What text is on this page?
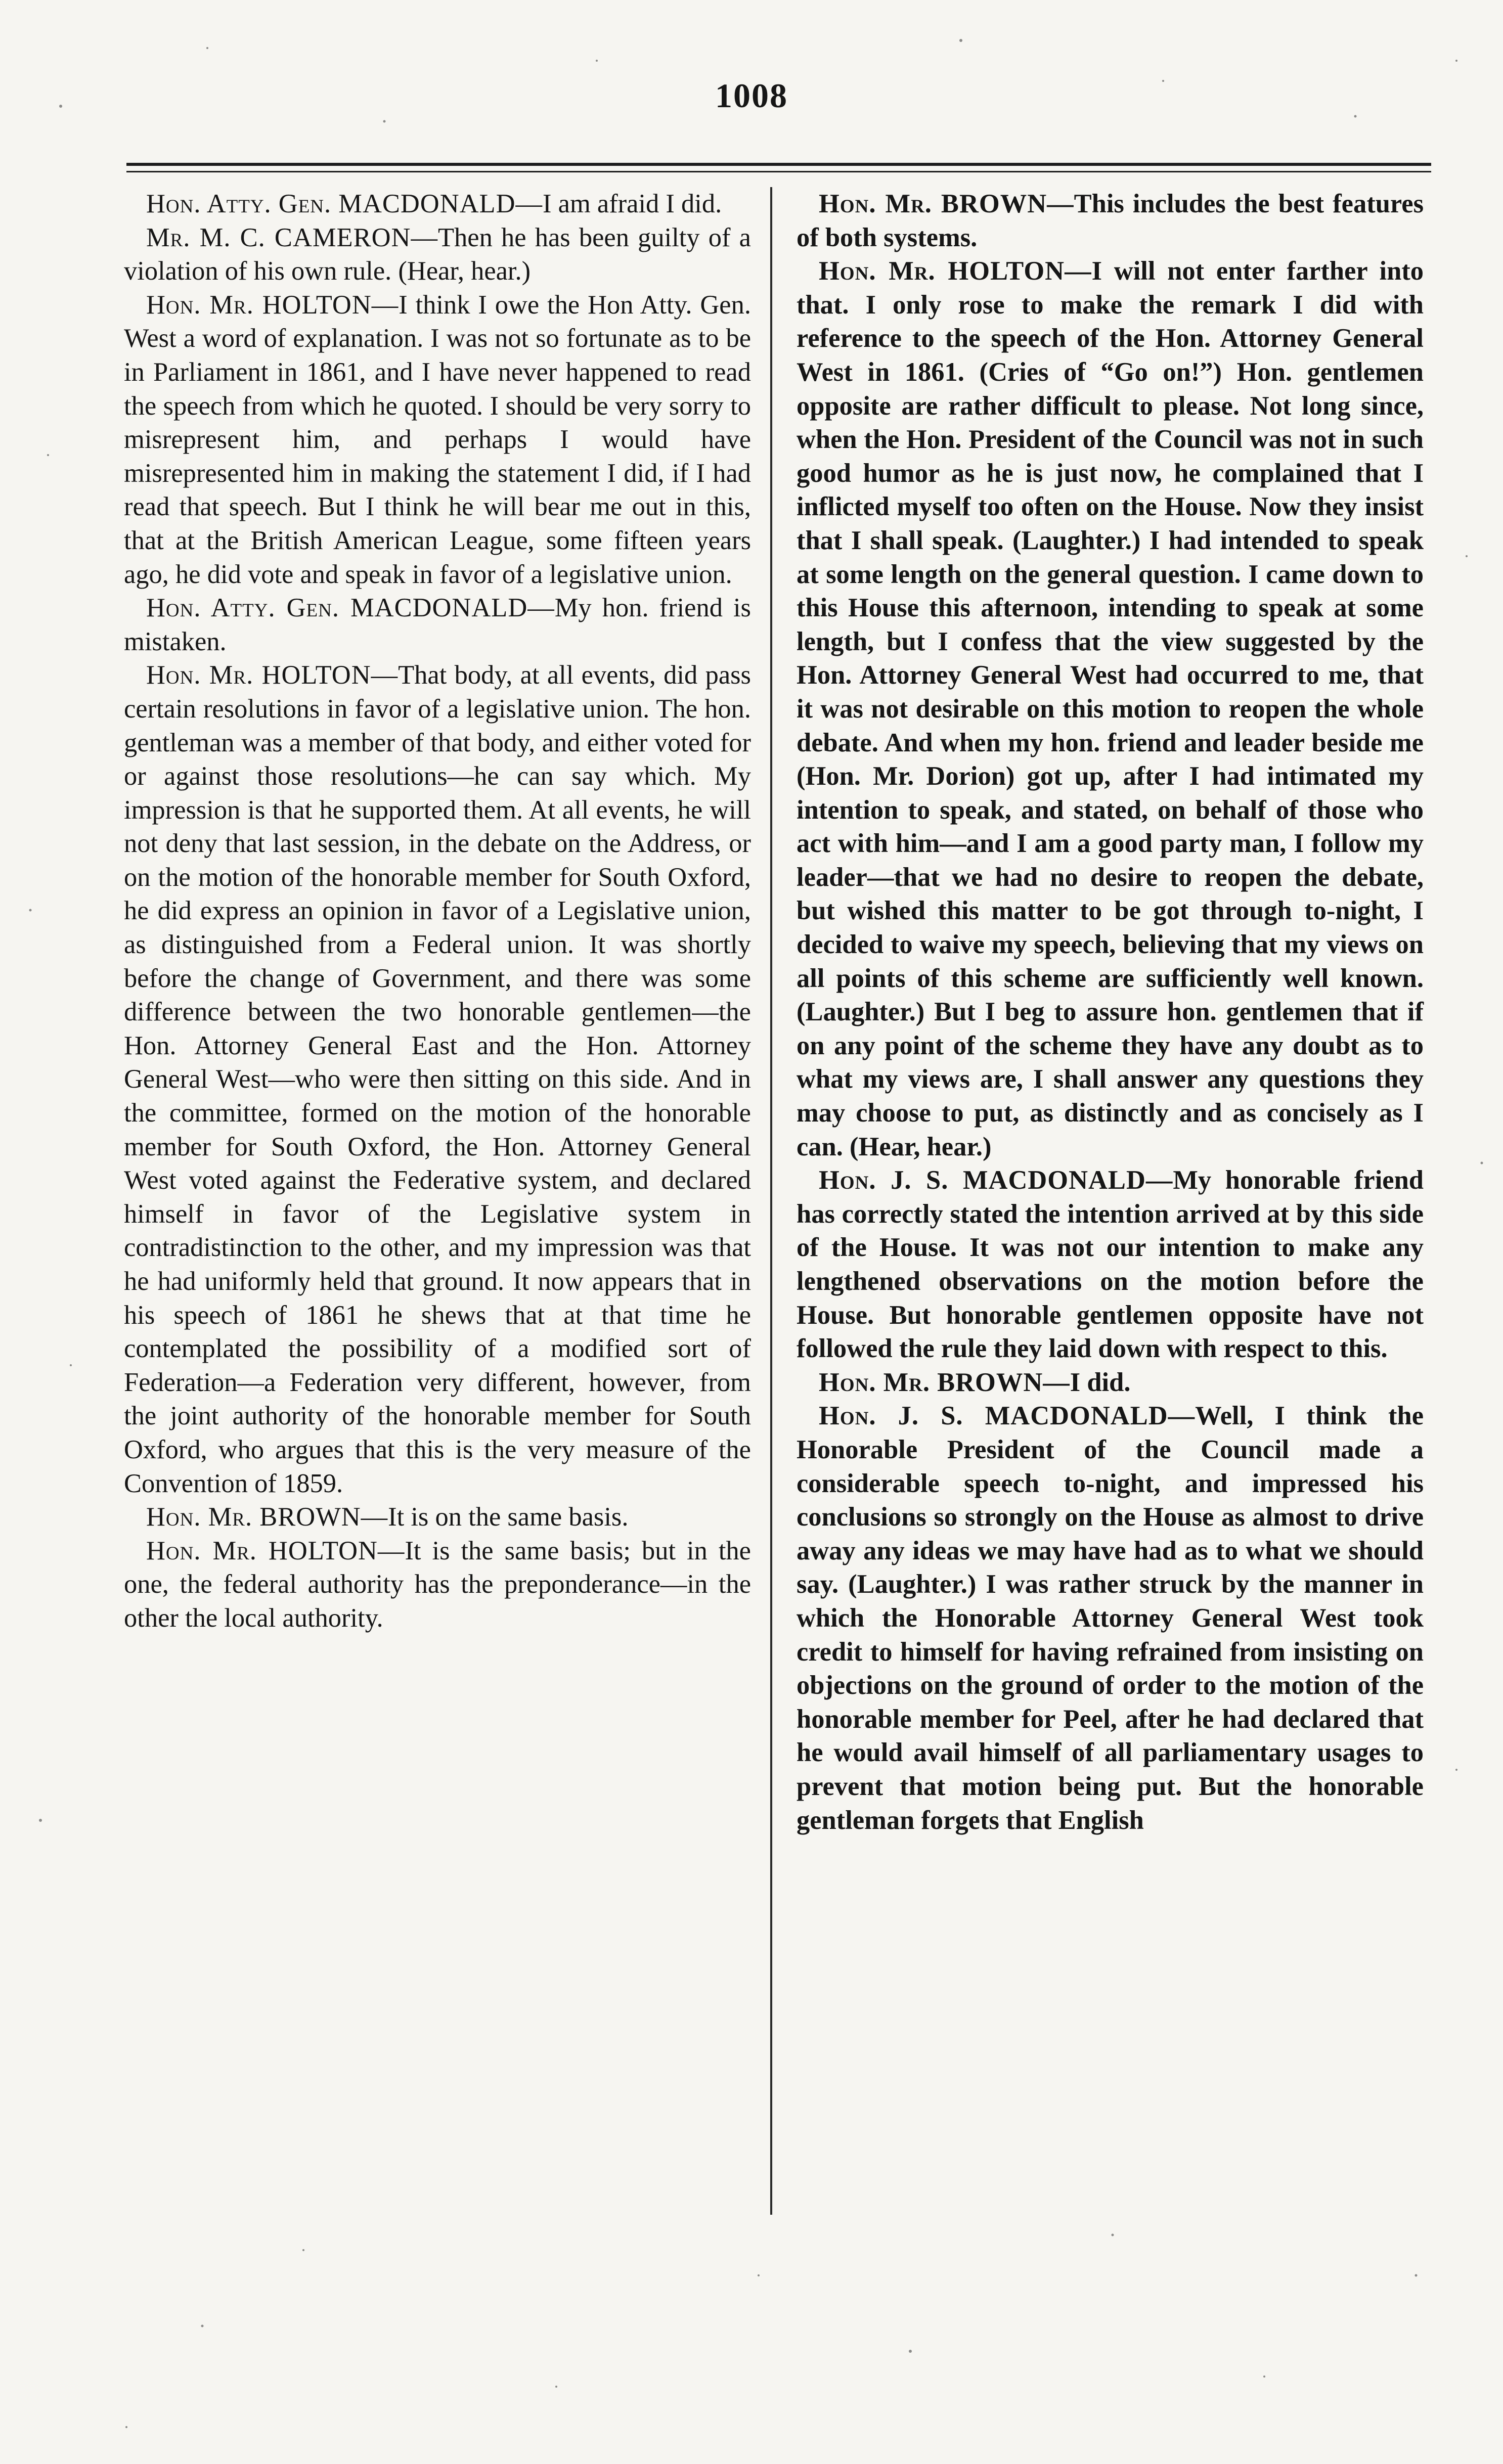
1008

Hon. Atty. Gen. MACDONALD—I am afraid I did.

Mr. M. C. CAMERON—Then he has been guilty of a violation of his own rule. (Hear, hear.)

Hon. Mr. HOLTON—I think I owe the Hon Atty. Gen. West a word of explanation. I was not so fortunate as to be in Parliament in 1861, and I have never happened to read the speech from which he quoted. I should be very sorry to misrepresent him, and perhaps I would have misrepresented him in making the statement I did, if I had read that speech. But I think he will bear me out in this, that at the British American League, some fifteen years ago, he did vote and speak in favor of a legislative union.

Hon. Atty. Gen. MACDONALD—My hon. friend is mistaken.

Hon. Mr. HOLTON—That body, at all events, did pass certain resolutions in favor of a legislative union. The hon. gentleman was a member of that body, and either voted for or against those resolutions—he can say which. My impression is that he supported them. At all events, he will not deny that last session, in the debate on the Address, or on the motion of the honorable member for South Oxford, he did express an opinion in favor of a Legislative union, as distinguished from a Federal union. It was shortly before the change of Government, and there was some difference between the two honorable gentlemen—the Hon. Attorney General East and the Hon. Attorney General West—who were then sitting on this side. And in the committee, formed on the motion of the honorable member for South Oxford, the Hon. Attorney General West voted against the Federative system, and declared himself in favor of the Legislative system in contradistinction to the other, and my impression was that he had uniformly held that ground. It now appears that in his speech of 1861 he shews that at that time he contemplated the possibility of a modified sort of Federation—a Federation very different, however, from the joint authority of the honorable member for South Oxford, who argues that this is the very measure of the Convention of 1859.

Hon. Mr. BROWN—It is on the same basis.

Hon. Mr. HOLTON—It is the same basis; but in the one, the federal authority has the preponderance—in the other the local authority.

Hon. Mr. BROWN—This includes the best features of both systems.

Hon. Mr. HOLTON—I will not enter farther into that. I only rose to make the remark I did with reference to the speech of the Hon. Attorney General West in 1861. (Cries of “Go on!”) Hon. gentlemen opposite are rather difficult to please. Not long since, when the Hon. President of the Council was not in such good humor as he is just now, he complained that I inflicted myself too often on the House. Now they insist that I shall speak. (Laughter.) I had intended to speak at some length on the general question. I came down to this House this afternoon, intending to speak at some length, but I confess that the view suggested by the Hon. Attorney General West had occurred to me, that it was not desirable on this motion to reopen the whole debate. And when my hon. friend and leader beside me (Hon. Mr. Dorion) got up, after I had intimated my intention to speak, and stated, on behalf of those who act with him—and I am a good party man, I follow my leader—that we had no desire to reopen the debate, but wished this matter to be got through to-night, I decided to waive my speech, believing that my views on all points of this scheme are sufficiently well known. (Laughter.) But I beg to assure hon. gentlemen that if on any point of the scheme they have any doubt as to what my views are, I shall answer any questions they may choose to put, as distinctly and as concisely as I can. (Hear, hear.)

Hon. J. S. MACDONALD—My honorable friend has correctly stated the intention arrived at by this side of the House. It was not our intention to make any lengthened observations on the motion before the House. But honorable gentlemen opposite have not followed the rule they laid down with respect to this.

Hon. Mr. BROWN—I did.

Hon. J. S. MACDONALD—Well, I think the Honorable President of the Council made a considerable speech to-night, and impressed his conclusions so strongly on the House as almost to drive away any ideas we may have had as to what we should say. (Laughter.) I was rather struck by the manner in which the Honorable Attorney General West took credit to himself for having refrained from insisting on objections on the ground of order to the motion of the honorable member for Peel, after he had declared that he would avail himself of all parliamentary usages to prevent that motion being put. But the honorable gentleman forgets that English
